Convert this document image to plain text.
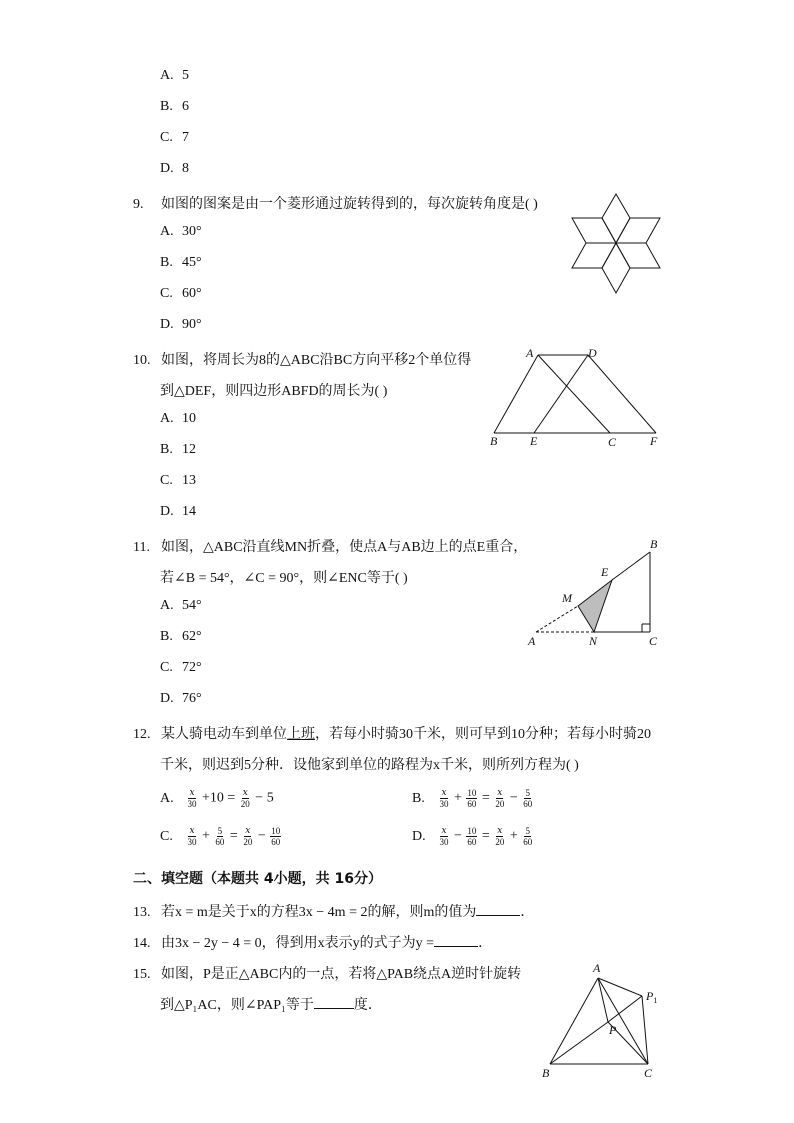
A. 5
B. 6
C. 7
D. 8
9. 如图的图案是由一个菱形通过旋转得到的，每次旋转角度是( )
A. 30°
B. 45°
C. 60°
D. 90°
10. 如图，将周长为8的△ABC沿BC方向平移2个单位得
到△DEF，则四边形ABFD的周长为( )
A. 10
B. 12
C. 13
D. 14
A	D
B	E	C	F
11. 如图，△ABC沿直线MN折叠，使点A与AB边上的点E重合，
若∠B = 54°，∠C = 90°，则∠ENC等于( )
A. 54°
B. 62°
C. 72°
D. 76°
B
E
M
A	N	C
12. 某人骑电动车到单位上班，若每小时骑30千米，则可早到10分种；若每小时骑20
千米，则迟到5分种．设他家到单位的路程为x千米，则所列方程为( )
A. $\frac{x}{30} +10 = \frac{x}{20} - 5$	B. $\frac{x}{30} + \frac{10}{60} = \frac{x}{20} - \frac{5}{60}$
C. $\frac{x}{30} + \frac{5}{60} = \frac{x}{20} - \frac{10}{60}$	D. $\frac{x}{30} - \frac{10}{60} = \frac{x}{20} + \frac{5}{60}$
二、填空题（本题共 4小题，共 16分）
13. 若x = m是关于x的方程3x − 4m = 2的解，则m的值为	．
14. 由3x − 2y − 4 = 0，得到用x表示y的式子为y =	．
15. 如图，P是正△ABC内的一点，若将△PAB绕点A逆时针旋转
到△P₁AC，则∠PAP₁等于	度．
A
$P_1$
P
B	C
